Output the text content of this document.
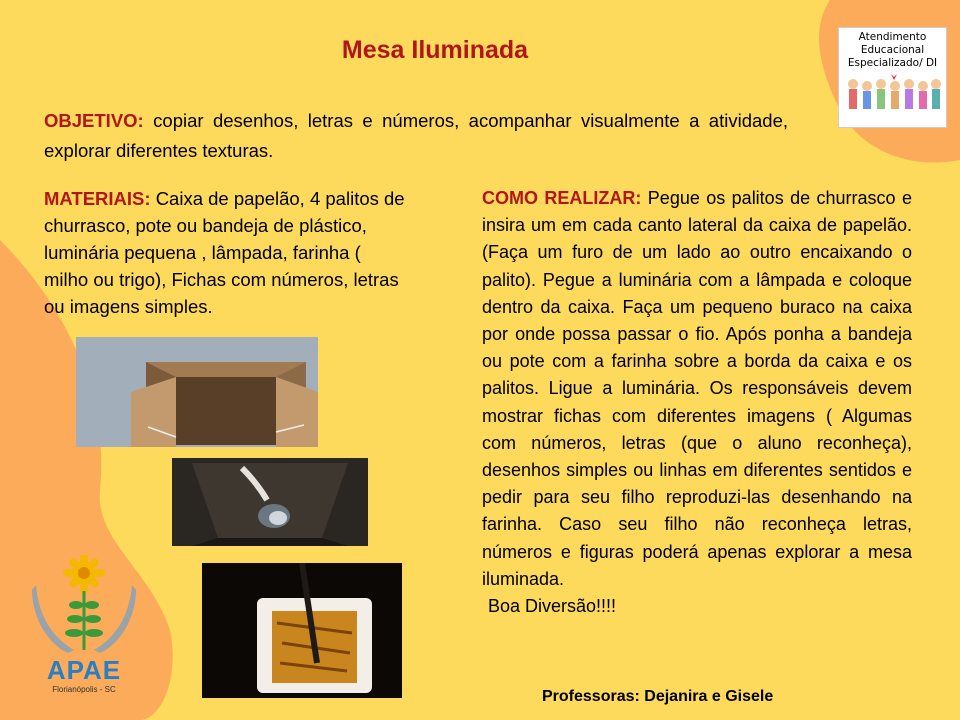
Mesa Iluminada
OBJETIVO: copiar desenhos, letras e números, acompanhar visualmente a atividade, explorar diferentes texturas.
MATERIAIS: Caixa de papelão, 4 palitos de churrasco, pote ou bandeja de plástico, luminária pequena , lâmpada, farinha ( milho ou trigo), Fichas com números, letras ou imagens simples.
COMO REALIZAR: Pegue os palitos de churrasco e insira um em cada canto lateral da caixa de papelão. (Faça um furo de um lado ao outro encaixando o palito). Pegue a luminária com a lâmpada e coloque dentro da caixa. Faça um pequeno buraco na caixa por onde possa passar o fio. Após ponha a bandeja ou pote com a farinha sobre a borda da caixa e os palitos. Ligue a luminária. Os responsáveis devem mostrar fichas com diferentes imagens ( Algumas com números, letras (que o aluno reconheça), desenhos simples ou linhas em diferentes sentidos e pedir para seu filho reproduzi-las desenhando na farinha. Caso seu filho não reconheça letras, números e figuras poderá apenas explorar a mesa iluminada.
Boa Diversão!!!!
Atendimento
Educacional
Especializado/ DI
APAE
Florianópolis - SC	Professoras: Dejanira e Gisele
